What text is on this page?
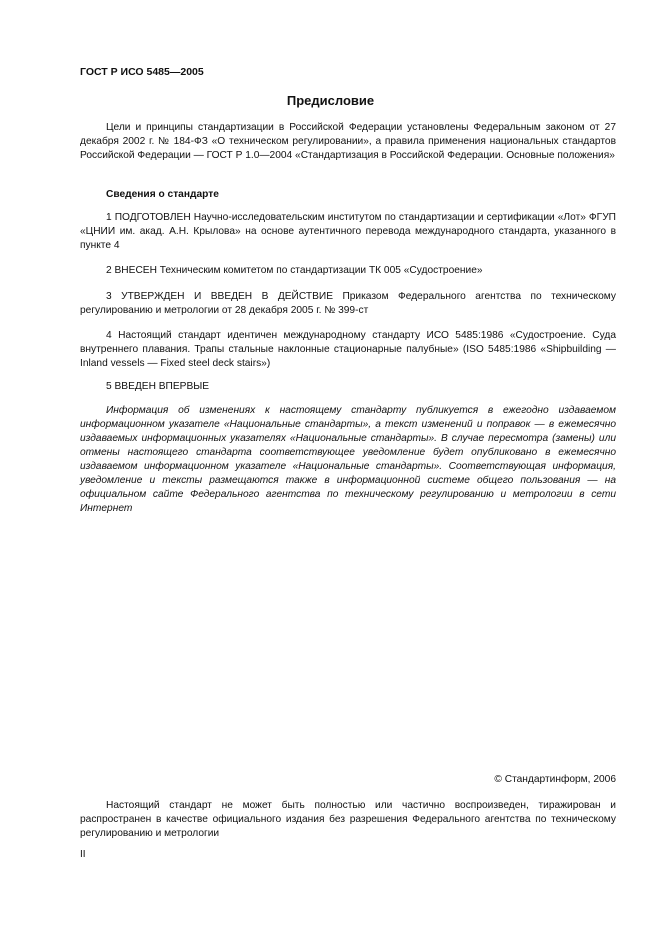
ГОСТ Р ИСО 5485—2005

Предисловие

Цели и принципы стандартизации в Российской Федерации установлены Федеральным законом от 27 декабря 2002 г. № 184-ФЗ «О техническом регулировании», а правила применения национальных стандартов Российской Федерации — ГОСТ Р 1.0—2004 «Стандартизация в Российской Федерации. Основные положения»

Сведения о стандарте

1 ПОДГОТОВЛЕН Научно-исследовательским институтом по стандартизации и сертификации «Лот» ФГУП «ЦНИИ им. акад. А.Н. Крылова» на основе аутентичного перевода международного стандарта, указанного в пункте 4

2 ВНЕСЕН Техническим комитетом по стандартизации ТК 005 «Судостроение»

3 УТВЕРЖДЕН И ВВЕДЕН В ДЕЙСТВИЕ Приказом Федерального агентства по техническому регулированию и метрологии от 28 декабря 2005 г. № 399-ст

4 Настоящий стандарт идентичен международному стандарту ИСО 5485:1986 «Судостроение. Суда внутреннего плавания. Трапы стальные наклонные стационарные палубные» (ISO 5485:1986 «Shipbuilding — Inland vessels — Fixed steel deck stairs»)

5 ВВЕДЕН ВПЕРВЫЕ

Информация об изменениях к настоящему стандарту публикуется в ежегодно издаваемом информационном указателе «Национальные стандарты», а текст изменений и поправок — в ежемесячно издаваемых информационных указателях «Национальные стандарты». В случае пересмотра (замены) или отмены настоящего стандарта соответствующее уведомление будет опубликовано в ежемесячно издаваемом информационном указателе «Национальные стандарты». Соответствующая информация, уведомление и тексты размещаются также в информационной системе общего пользования — на официальном сайте Федерального агентства по техническому регулированию и метрологии в сети Интернет

© Стандартинформ, 2006

Настоящий стандарт не может быть полностью или частично воспроизведен, тиражирован и распространен в качестве официального издания без разрешения Федерального агентства по техническому регулированию и метрологии

II
